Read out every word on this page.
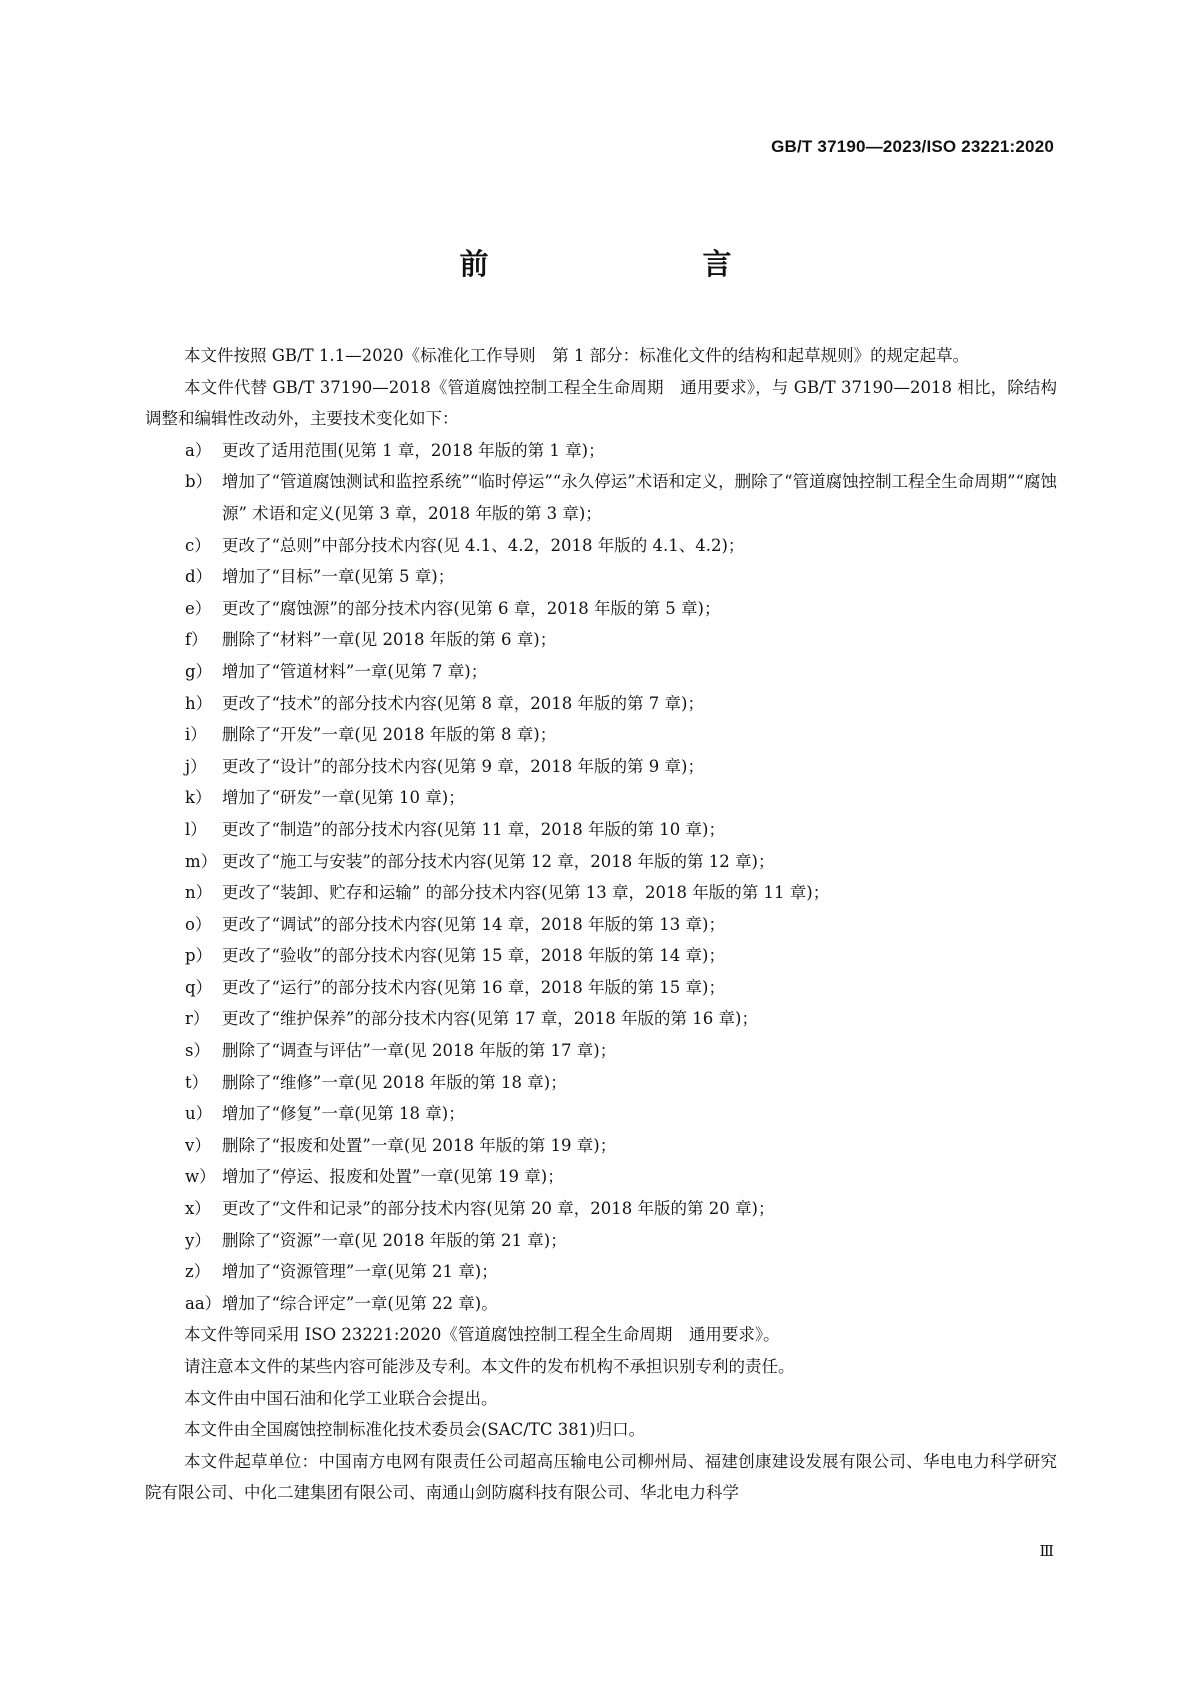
GB/T 37190—2023/ISO 23221:2020

前　　言

本文件按照 GB/T 1.1—2020《标准化工作导则　第 1 部分：标准化文件的结构和起草规则》的规定起草。

本文件代替 GB/T 37190—2018《管道腐蚀控制工程全生命周期　通用要求》，与 GB/T 37190—2018 相比，除结构调整和编辑性改动外，主要技术变化如下：

a） 更改了适用范围(见第 1 章，2018 年版的第 1 章)；
b） 增加了“管道腐蚀测试和监控系统”“临时停运”“永久停运”术语和定义，删除了“管道腐蚀控制工程全生命周期”“腐蚀源” 术语和定义(见第 3 章，2018 年版的第 3 章)；
c） 更改了“总则”中部分技术内容(见 4.1、4.2，2018 年版的 4.1、4.2)；
d） 增加了“目标”一章(见第 5 章)；
e） 更改了“腐蚀源”的部分技术内容(见第 6 章，2018 年版的第 5 章)；
f） 删除了“材料”一章(见 2018 年版的第 6 章)；
g） 增加了“管道材料”一章(见第 7 章)；
h） 更改了“技术”的部分技术内容(见第 8 章，2018 年版的第 7 章)；
i） 删除了“开发”一章(见 2018 年版的第 8 章)；
j） 更改了“设计”的部分技术内容(见第 9 章，2018 年版的第 9 章)；
k） 增加了“研发”一章(见第 10 章)；
l） 更改了“制造”的部分技术内容(见第 11 章，2018 年版的第 10 章)；
m） 更改了“施工与安装”的部分技术内容(见第 12 章，2018 年版的第 12 章)；
n） 更改了“装卸、贮存和运输” 的部分技术内容(见第 13 章，2018 年版的第 11 章)；
o） 更改了“调试”的部分技术内容(见第 14 章，2018 年版的第 13 章)；
p） 更改了“验收”的部分技术内容(见第 15 章，2018 年版的第 14 章)；
q） 更改了“运行”的部分技术内容(见第 16 章，2018 年版的第 15 章)；
r） 更改了“维护保养”的部分技术内容(见第 17 章，2018 年版的第 16 章)；
s） 删除了“调查与评估”一章(见 2018 年版的第 17 章)；
t） 删除了“维修”一章(见 2018 年版的第 18 章)；
u） 增加了“修复”一章(见第 18 章)；
v） 删除了“报废和处置”一章(见 2018 年版的第 19 章)；
w） 增加了“停运、报废和处置”一章(见第 19 章)；
x） 更改了“文件和记录”的部分技术内容(见第 20 章，2018 年版的第 20 章)；
y） 删除了“资源”一章(见 2018 年版的第 21 章)；
z） 增加了“资源管理”一章(见第 21 章)；
aa）增加了“综合评定”一章(见第 22 章)。

本文件等同采用 ISO 23221:2020《管道腐蚀控制工程全生命周期　通用要求》。

请注意本文件的某些内容可能涉及专利。本文件的发布机构不承担识别专利的责任。

本文件由中国石油和化学工业联合会提出。

本文件由全国腐蚀控制标准化技术委员会(SAC/TC 381)归口。

本文件起草单位：中国南方电网有限责任公司超高压输电公司柳州局、福建创康建设发展有限公司、华电电力科学研究院有限公司、中化二建集团有限公司、南通山剑防腐科技有限公司、华北电力科学

Ⅲ
